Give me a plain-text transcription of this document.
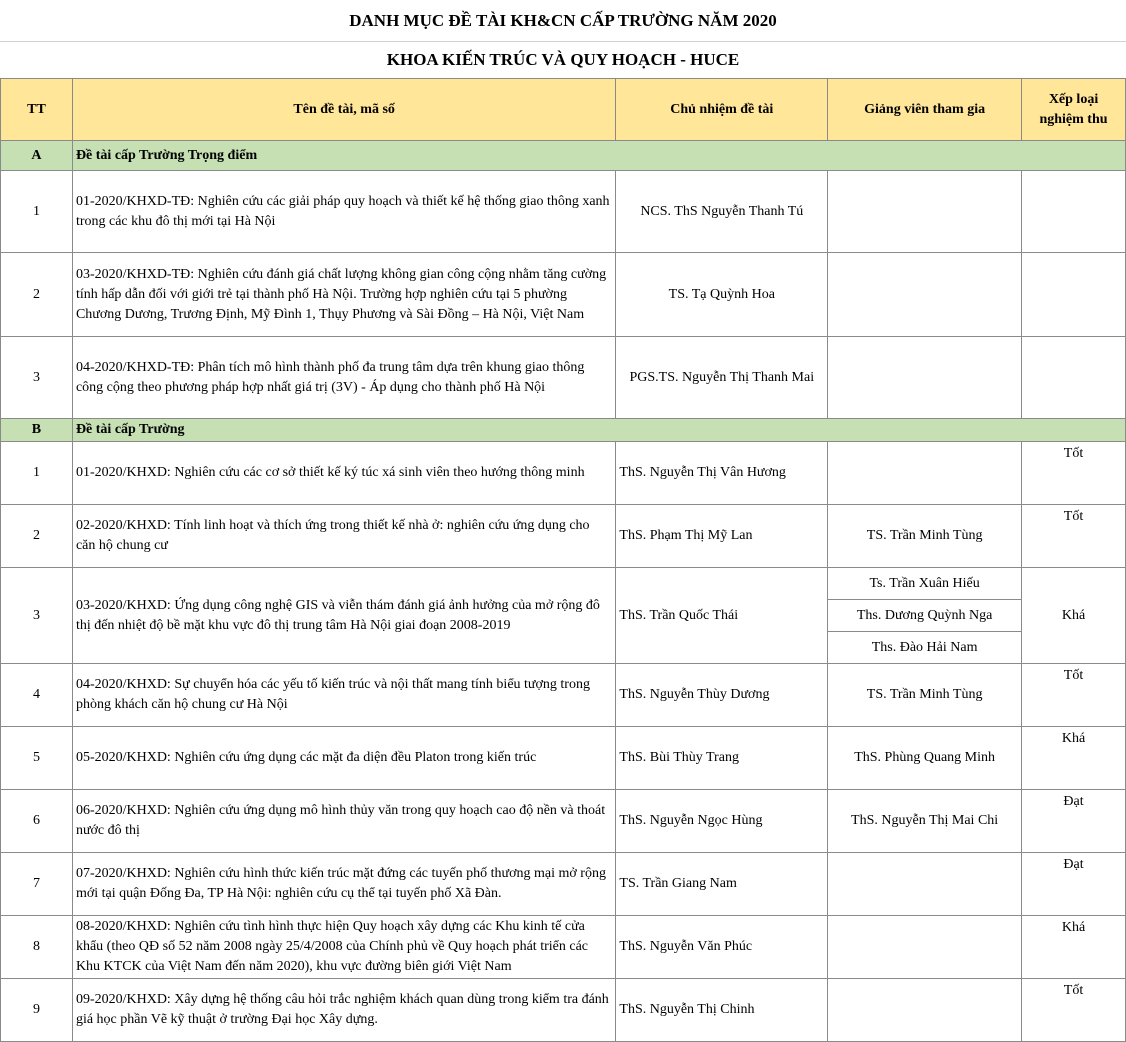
DANH MỤC ĐỀ TÀI KH&CN CẤP TRƯỜNG NĂM 2020
KHOA KIẾN TRÚC VÀ QUY HOẠCH - HUCE
TT	Tên đề tài, mã số	Chủ nhiệm đề tài	Giảng viên tham gia	Xếp loại nghiệm thu
A	Đề tài cấp Trường Trọng điểm			
1	01-2020/KHXD-TĐ: Nghiên cứu các giải pháp quy hoạch và thiết kế hệ thống giao thông xanh trong các khu đô thị mới tại Hà Nội	NCS. ThS Nguyễn Thanh Tú		
2	03-2020/KHXD-TĐ: Nghiên cứu đánh giá chất lượng không gian công cộng nhằm tăng cường tính hấp dẫn đối với giới trẻ tại thành phố Hà Nội. Trường hợp nghiên cứu tại 5 phường Chương Dương, Trương Định, Mỹ Đình 1, Thụy Phương và Sài Đồng – Hà Nội, Việt Nam	TS. Tạ Quỳnh Hoa		
3	04-2020/KHXD-TĐ: Phân tích mô hình thành phố đa trung tâm dựa trên khung giao thông công cộng theo phương pháp hợp nhất giá trị (3V) - Áp dụng cho thành phố Hà Nội	PGS.TS. Nguyễn Thị Thanh Mai		
B	Đề tài cấp Trường			
1	01-2020/KHXD: Nghiên cứu các cơ sở thiết kế ký túc xá sinh viên theo hướng thông minh	ThS. Nguyễn Thị Vân Hương		Tốt
2	02-2020/KHXD: Tính linh hoạt và thích ứng trong thiết kế nhà ở: nghiên cứu ứng dụng cho căn hộ chung cư	ThS. Phạm Thị Mỹ Lan	TS. Trần Minh Tùng	Tốt
3	03-2020/KHXD: Ứng dụng công nghệ GIS và viễn thám đánh giá ảnh hưởng của mở rộng đô thị đến nhiệt độ bề mặt khu vực đô thị trung tâm Hà Nội giai đoạn 2008-2019	ThS. Trần Quốc Thái	Ts. Trần Xuân Hiếu	Khá
			Ths. Dương Quỳnh Nga	
			Ths. Đào Hải Nam	
4	04-2020/KHXD: Sự chuyển hóa các yếu tố kiến trúc và nội thất mang tính biểu tượng trong phòng khách căn hộ chung cư Hà Nội	ThS. Nguyễn Thùy Dương	TS. Trần Minh Tùng	Tốt
5	05-2020/KHXD: Nghiên cứu ứng dụng các mặt đa diện đều Platon trong kiến trúc	ThS. Bùi Thùy Trang	ThS. Phùng Quang Minh	Khá
6	06-2020/KHXD: Nghiên cứu ứng dụng mô hình thủy văn trong quy hoạch cao độ nền và thoát nước đô thị	ThS. Nguyễn Ngọc Hùng	ThS. Nguyễn Thị Mai Chi	Đạt
7	07-2020/KHXD: Nghiên cứu hình thức kiến trúc mặt đứng các tuyến phố thương mại mở rộng mới tại quận Đống Đa, TP Hà Nội: nghiên cứu cụ thể tại tuyến phố Xã Đàn.	TS. Trần Giang Nam		Đạt
8	08-2020/KHXD: Nghiên cứu tình hình thực hiện Quy hoạch xây dựng các Khu kinh tế cửa khẩu (theo QĐ số 52 năm 2008 ngày 25/4/2008 của Chính phủ về Quy hoạch phát triển các Khu KTCK của Việt Nam đến năm 2020), khu vực đường biên giới Việt Nam	ThS. Nguyễn Văn Phúc		Khá
9	09-2020/KHXD: Xây dựng hệ thống câu hỏi trắc nghiệm khách quan dùng trong kiểm tra đánh giá học phần Vẽ kỹ thuật ở trường Đại học Xây dựng.	ThS. Nguyễn Thị Chinh		Tốt
